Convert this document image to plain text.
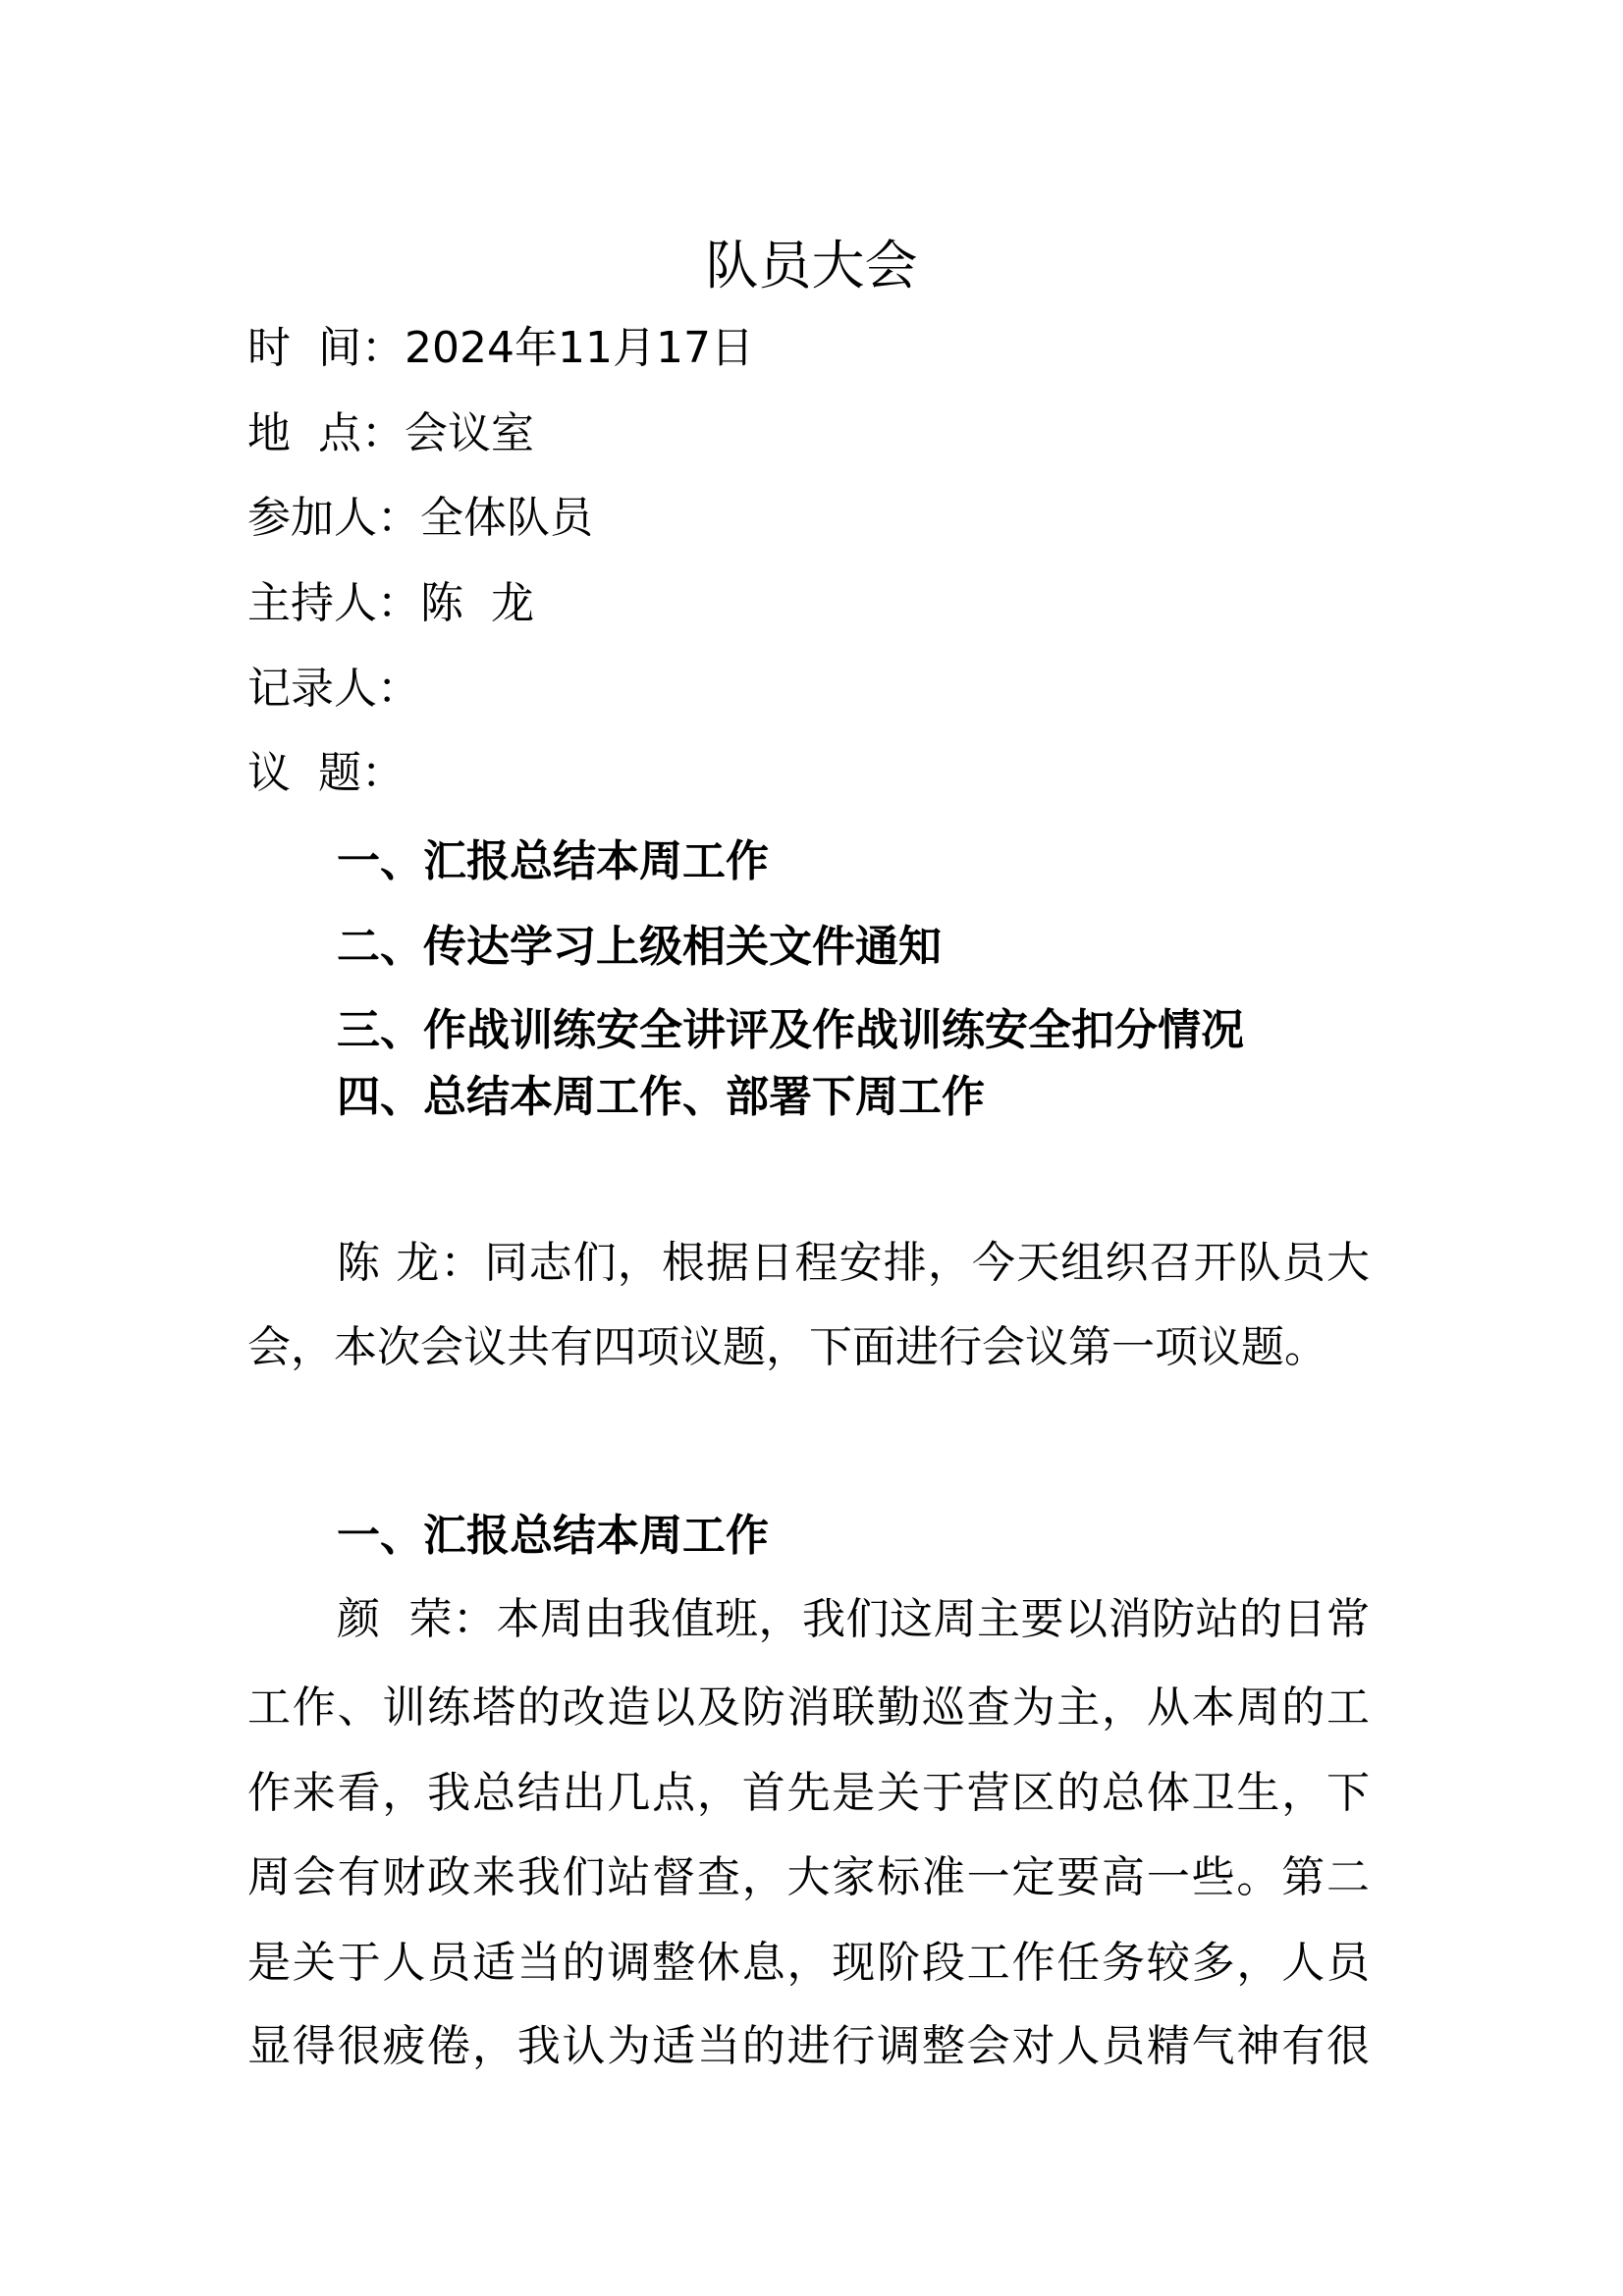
队员大会
时  间：2024年11月17日
地  点：会议室
参加人：全体队员
主持人：陈  龙
记录人：
议  题：
一、汇报总结本周工作
二、传达学习上级相关文件通知
三、作战训练安全讲评及作战训练安全扣分情况
四、总结本周工作、部署下周工作
陈 龙：同志们，根据日程安排，今天组织召开队员大
会，本次会议共有四项议题，下面进行会议第一项议题。
一、汇报总结本周工作
颜  荣：本周由我值班，我们这周主要以消防站的日常
工作、训练塔的改造以及防消联勤巡查为主，从本周的工
作来看，我总结出几点，首先是关于营区的总体卫生，下
周会有财政来我们站督查，大家标准一定要高一些。第二
是关于人员适当的调整休息，现阶段工作任务较多，人员
显得很疲倦，我认为适当的进行调整会对人员精气神有很
